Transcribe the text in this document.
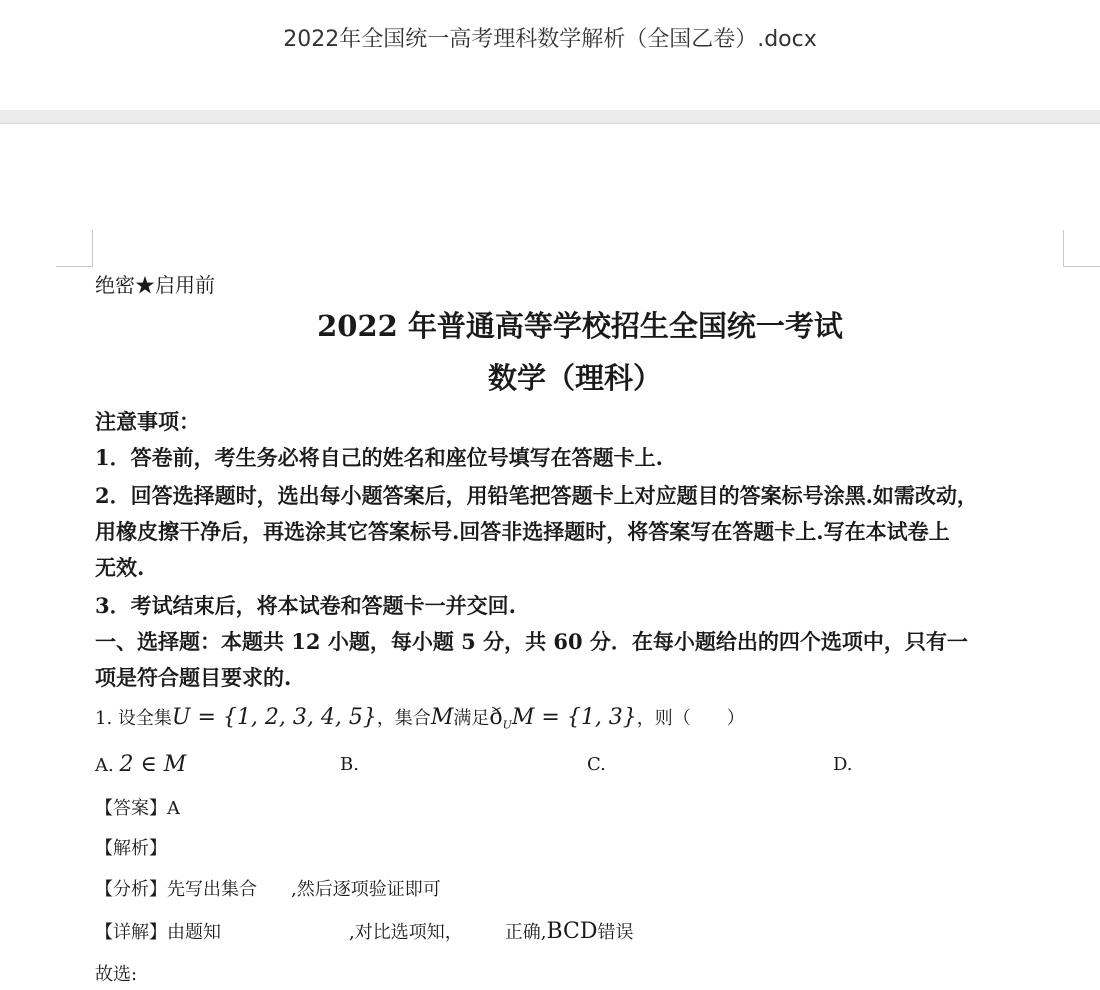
2022年全国统一高考理科数学解析（全国乙卷）.docx
绝密★启用前
2022 年普通高等学校招生全国统一考试
数学（理科）
注意事项：
1．答卷前，考生务必将自己的姓名和座位号填写在答题卡上.
2．回答选择题时，选出每小题答案后，用铅笔把答题卡上对应题目的答案标号涂黑.如需改动，
用橡皮擦干净后，再选涂其它答案标号.回答非选择题时，将答案写在答题卡上.写在本试卷上
无效.
3．考试结束后，将本试卷和答题卡一并交回.
一、选择题：本题共 12 小题，每小题 5 分，共 60 分．在每小题给出的四个选项中，只有一
项是符合题目要求的.
1. 设全集U = {1, 2, 3, 4, 5}，集合M满足$ð_UM = \{1$, 3}，则（　　）
A. 2 ∈ M	B.	C.	D.
【答案】A
【解析】
【分析】先写出集合 ,然后逐项验证即可
【详解】由题知	,对比选项知， 正确,BCD错误
故选:
